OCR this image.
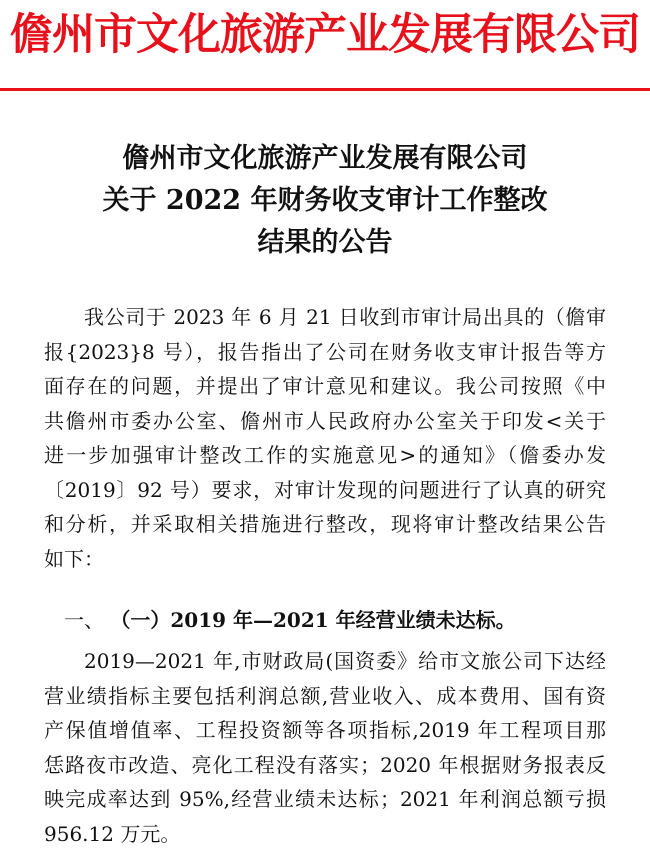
儋州市文化旅游产业发展有限公司
儋州市文化旅游产业发展有限公司
关于 2022 年财务收支审计工作整改
结果的公告
我公司于 2023 年 6 月 21 日收到市审计局出具的（儋审
报{2023}8 号），报告指出了公司在财务收支审计报告等方
面存在的问题，并提出了审计意见和建议。我公司按照《中
共儋州市委办公室、儋州市人民政府办公室关于印发<关于
进一步加强审计整改工作的实施意见>的通知》（儋委办发
〔2019〕92 号）要求，对审计发现的问题进行了认真的研究
和分析，并采取相关措施进行整改，现将审计整改结果公告
如下：
一、 （一）2019 年—2021 年经营业绩未达标。
2019—2021 年,市财政局(国资委》给市文旅公司下达经
营业绩指标主要包括利润总额,营业收入、成本费用、国有资
产保值增值率、工程投资额等各项指标,2019 年工程项目那
恁路夜市改造、亮化工程没有落实；2020 年根据财务报表反
映完成率达到 95%,经营业绩未达标；2021 年利润总额亏损
956.12 万元。
